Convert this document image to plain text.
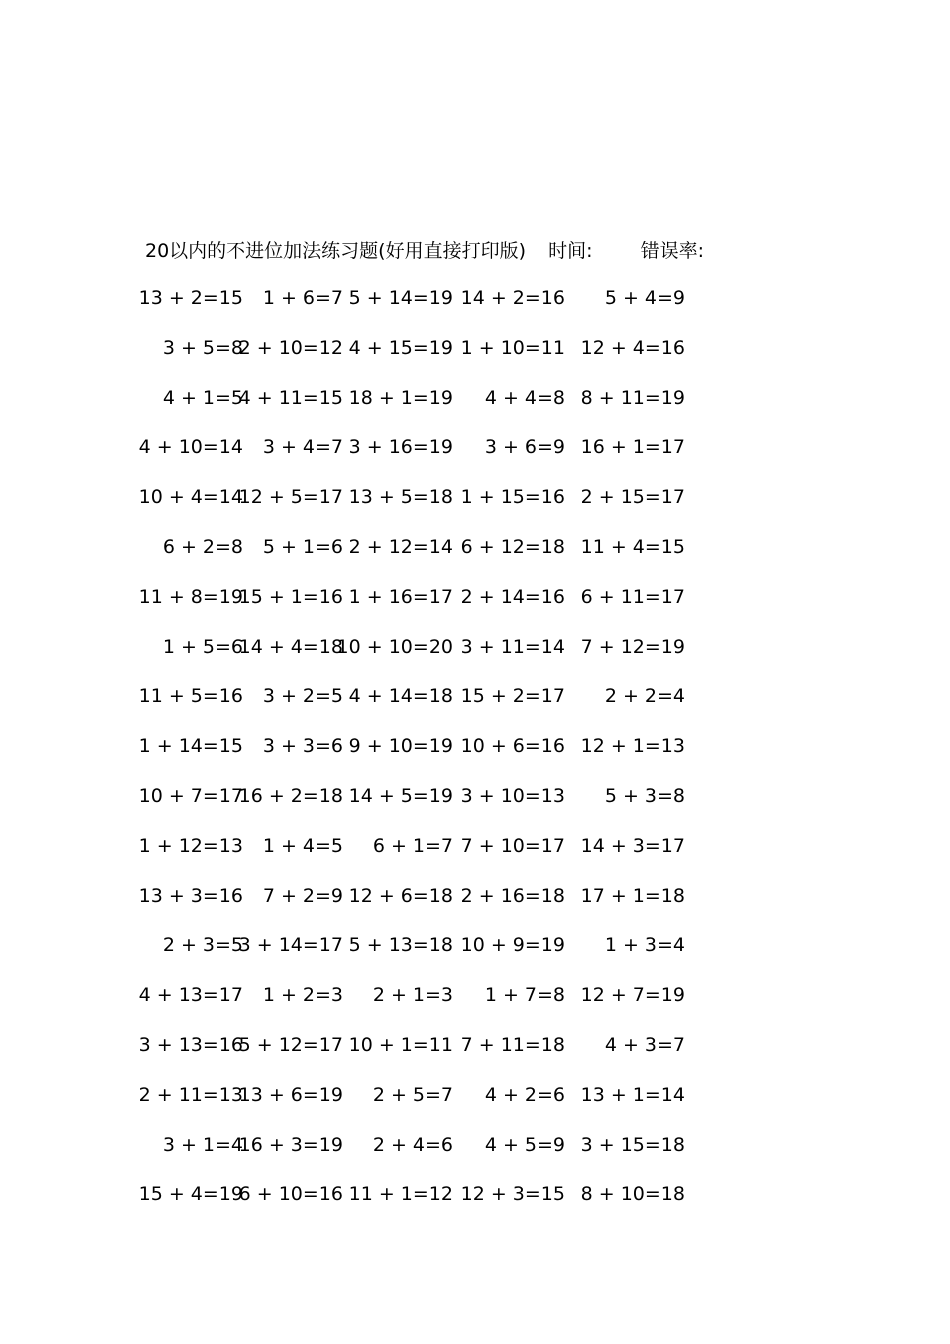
20以内的不进位加法练习题(好用直接打印版) 时间:	错误率:
13 + 2=15 1 + 6=7 5 + 14=19 14 + 2=16 5 + 4=9
3 + 5=8
2 + 10=12 4 + 15=19 1 + 10=11 12 + 4=16
4 + 1=5
4 + 11=15 18 + 1=19 4 + 4=8 8 + 11=19
4 + 10=14 3 + 4=7 3 + 16=19 3 + 6=9 16 + 1=17
10 + 4=14
12 + 5=17 13 + 5=18 1 + 15=16 2 + 15=17
6 + 2=8 5 + 1=6 2 + 12=14 6 + 12=18 11 + 4=15
11 + 8=19
15 + 1=16 1 + 16=17 2 + 14=16 6 + 11=17
1 + 5=6
14 + 4=18
10 + 10=20 3 + 11=14 7 + 12=19
11 + 5=16 3 + 2=5 4 + 14=18 15 + 2=17 2 + 2=4
1 + 14=15 3 + 3=6 9 + 10=19 10 + 6=16 12 + 1=13
10 + 7=17
16 + 2=18 14 + 5=19 3 + 10=13 5 + 3=8
1 + 12=13 1 + 4=5 6 + 1=7 7 + 10=17 14 + 3=17
13 + 3=16 7 + 2=9 12 + 6=18 2 + 16=18 17 + 1=18
2 + 3=5
3 + 14=17 5 + 13=18 10 + 9=19 1 + 3=4
4 + 13=17 1 + 2=3 2 + 1=3 1 + 7=8 12 + 7=19
3 + 13=16
5 + 12=17 10 + 1=11 7 + 11=18 4 + 3=7
2 + 11=13
13 + 6=19 2 + 5=7 4 + 2=6 13 + 1=14
3 + 1=4
16 + 3=19 2 + 4=6 4 + 5=9 3 + 15=18
15 + 4=19
6 + 10=16 11 + 1=12 12 + 3=15 8 + 10=18
